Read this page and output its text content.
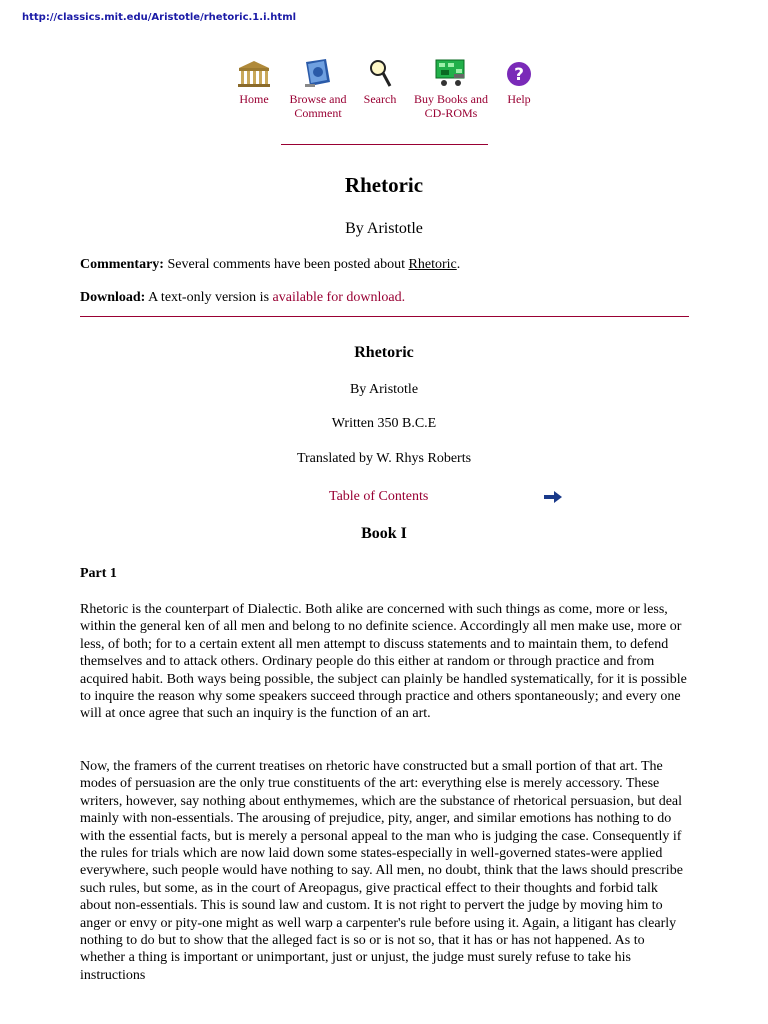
http://classics.mit.edu/Aristotle/rhetoric.1.i.html
Home	Browse and
Comment
Search	Buy Books and
CD-ROMs
?
Help
Rhetoric
By Aristotle
Commentary: Several comments have been posted about Rhetoric.
Download: A text-only version is available for download.
Rhetoric
By Aristotle
Written 350 B.C.E
Translated by W. Rhys Roberts
Table of Contents
Book I
Part 1

Rhetoric is the counterpart of Dialectic. Both alike are concerned with such things as come, more or less, within the general ken of all men and belong to no definite science. Accordingly all men make use, more or less, of both; for to a certain extent all men attempt to discuss statements and to maintain them, to defend themselves and to attack others. Ordinary people do this either at random or through practice and from acquired habit. Both ways being possible, the subject can plainly be handled systematically, for it is possible to inquire the reason why some speakers succeed through practice and others spontaneously; and every one will at once agree that such an inquiry is the function of an art.

Now, the framers of the current treatises on rhetoric have constructed but a small portion of that art. The modes of persuasion are the only true constituents of the art: everything else is merely accessory. These writers, however, say nothing about enthymemes, which are the substance of rhetorical persuasion, but deal mainly with non-essentials. The arousing of prejudice, pity, anger, and similar emotions has nothing to do with the essential facts, but is merely a personal appeal to the man who is judging the case. Consequently if the rules for trials which are now laid down some states-especially in well-governed states-were applied everywhere, such people would have nothing to say. All men, no doubt, think that the laws should prescribe such rules, but some, as in the court of Areopagus, give practical effect to their thoughts and forbid talk about non-essentials. This is sound law and custom. It is not right to pervert the judge by moving him to anger or envy or pity-one might as well warp a carpenter's rule before using it. Again, a litigant has clearly nothing to do but to show that the alleged fact is so or is not so, that it has or has not happened. As to whether a thing is important or unimportant, just or unjust, the judge must surely refuse to take his instructions
